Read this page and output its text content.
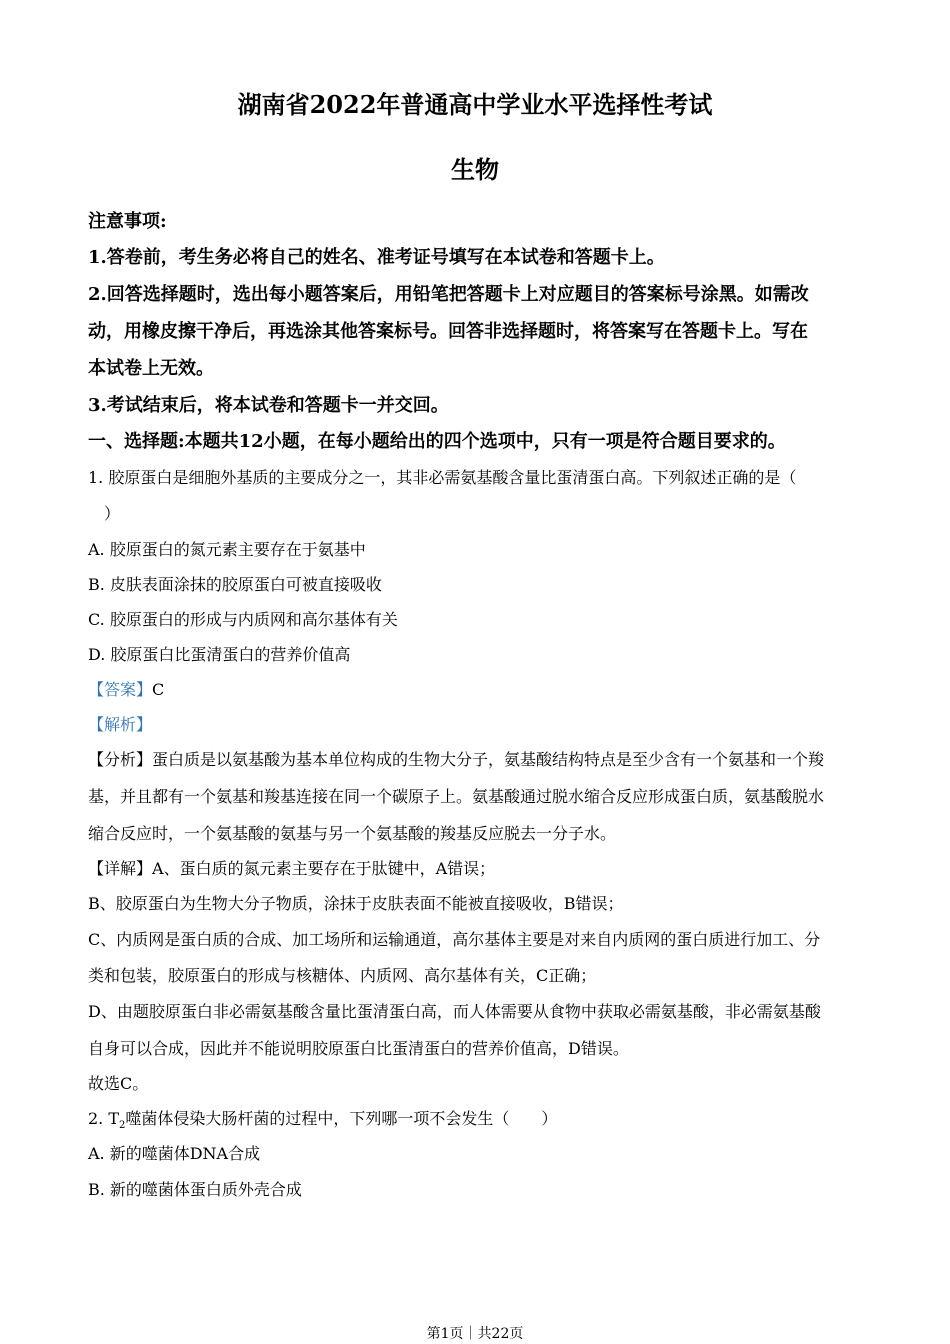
湖南省2022年普通高中学业水平选择性考试
生物
注意事项:
1.答卷前，考生务必将自己的姓名、准考证号填写在本试卷和答题卡上。
2.回答选择题时，选出每小题答案后，用铅笔把答题卡上对应题目的答案标号涂黑。如需改
动，用橡皮擦干净后，再选涂其他答案标号。回答非选择题时，将答案写在答题卡上。写在
本试卷上无效。
3.考试结束后，将本试卷和答题卡一并交回。
一、选择题:本题共12小题，在每小题给出的四个选项中，只有一项是符合题目要求的。
1. 胶原蛋白是细胞外基质的主要成分之一，其非必需氨基酸含量比蛋清蛋白高。下列叙述正确的是（
）
A. 胶原蛋白的氮元素主要存在于氨基中
B. 皮肤表面涂抹的胶原蛋白可被直接吸收
C. 胶原蛋白的形成与内质网和高尔基体有关
D. 胶原蛋白比蛋清蛋白的营养价值高
【答案】C
【解析】
【分析】蛋白质是以氨基酸为基本单位构成的生物大分子，氨基酸结构特点是至少含有一个氨基和一个羧
基，并且都有一个氨基和羧基连接在同一个碳原子上。氨基酸通过脱水缩合反应形成蛋白质，氨基酸脱水
缩合反应时，一个氨基酸的氨基与另一个氨基酸的羧基反应脱去一分子水。
【详解】A、蛋白质的氮元素主要存在于肽键中，A错误；
B、胶原蛋白为生物大分子物质，涂抹于皮肤表面不能被直接吸收，B错误；
C、内质网是蛋白质的合成、加工场所和运输通道，高尔基体主要是对来自内质网的蛋白质进行加工、分
类和包装，胶原蛋白的形成与核糖体、内质网、高尔基体有关，C正确；
D、由题胶原蛋白非必需氨基酸含量比蛋清蛋白高，而人体需要从食物中获取必需氨基酸，非必需氨基酸
自身可以合成，因此并不能说明胶原蛋白比蛋清蛋白的营养价值高，D错误。
故选C。
2. $T_2$噬菌体侵染大肠杆菌的过程中，下列哪一项不会发生（　　）
A. 新的噬菌体DNA合成
B. 新的噬菌体蛋白质外壳合成
第1页｜共22页
